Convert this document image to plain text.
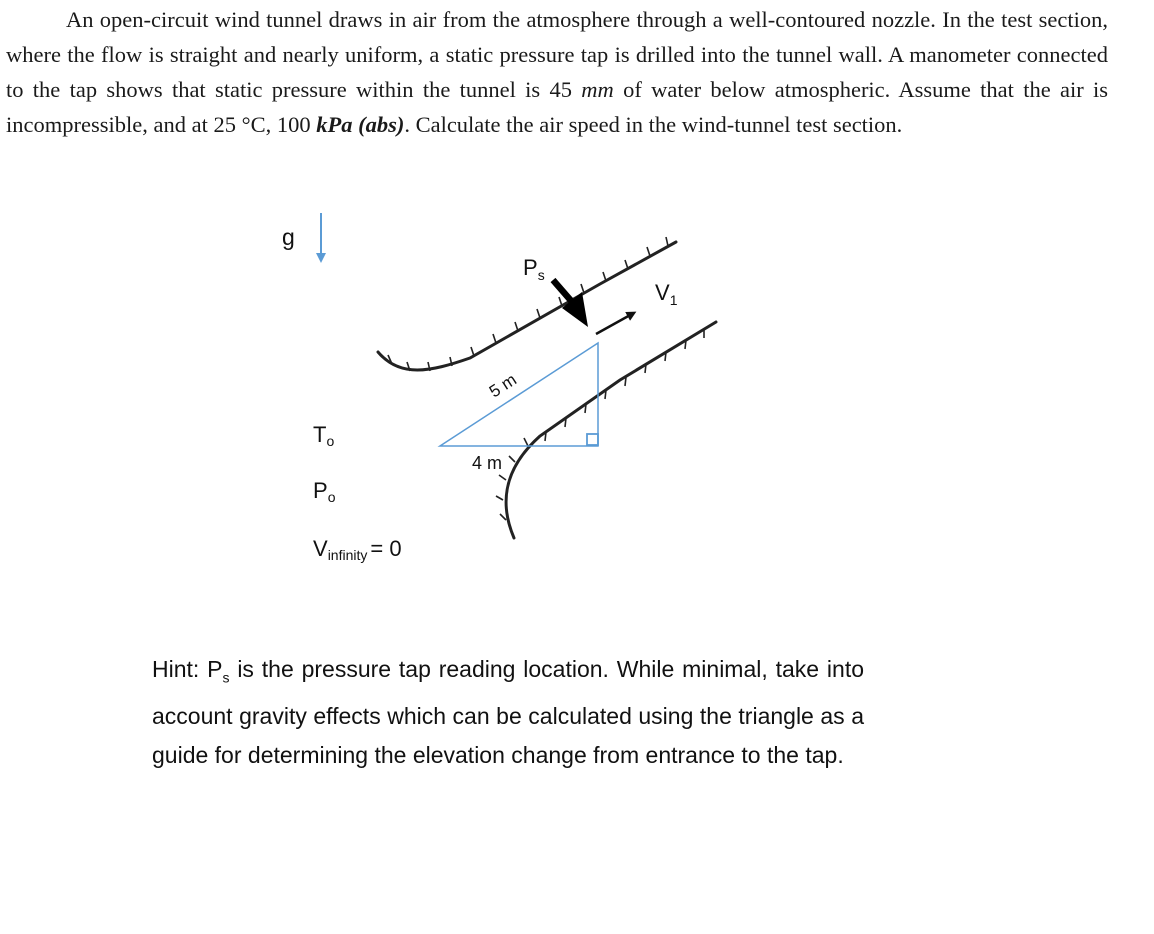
An open-circuit wind tunnel draws in air from the atmosphere through a well-contoured nozzle. In the test section, where the flow is straight and nearly uniform, a static pressure tap is drilled into the tunnel wall. A manometer connected to the tap shows that static pressure within the tunnel is 45 mm of water below atmospheric. Assume that the air is incompressible, and at 25 °C, 100 kPa (abs). Calculate the air speed in the wind-tunnel test section.

g
5 m
4 m
$P_s$
$V_1$
To
Po
Vinfinity = 0

Hint: $P_s$ is the pressure tap reading location. While minimal, take into account gravity effects which can be calculated using the triangle as a guide for determining the elevation change from entrance to the tap.
